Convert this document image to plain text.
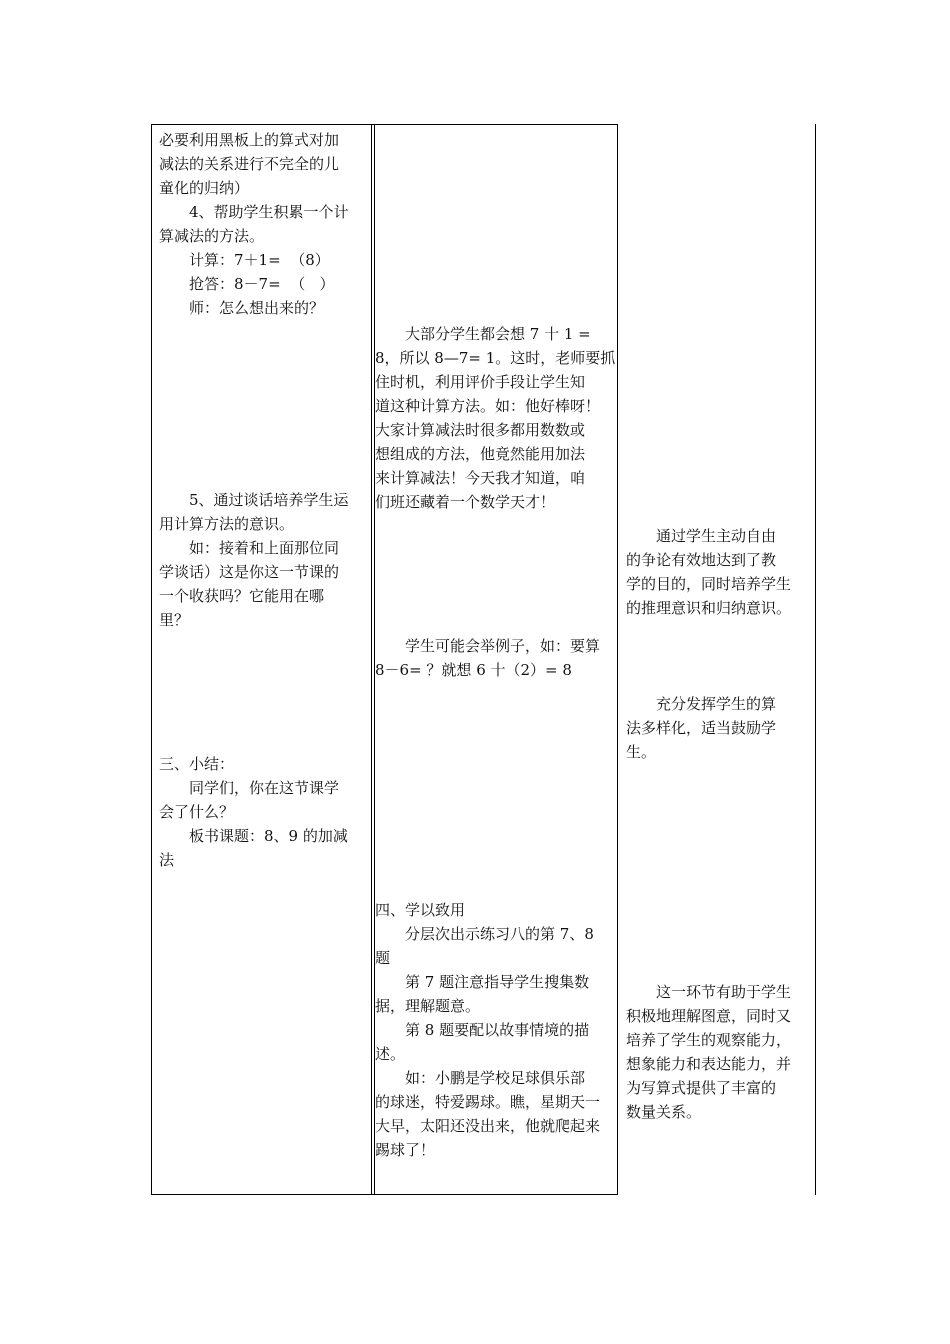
必要利用黑板上的算式对加

减法的关系进行不完全的儿

童化的归纳）

4、帮助学生积累一个计

算减法的方法。

计算：7＋1=  （8）

抢答：8－7=  （   ）

师：怎么想出来的？

5、通过谈话培养学生运

用计算方法的意识。

如：接着和上面那位同

学谈话）这是你这一节课的

一个收获吗？它能用在哪

里？

三、小结：

同学们，你在这节课学

会了什么？

板书课题：8、9 的加减

法

大部分学生都会想 7 十 1 =

8，所以 8—7= 1。这时，老师要抓

住时机，利用评价手段让学生知

道这种计算方法。如：他好棒呀！

大家计算减法时很多都用数数或

想组成的方法，他竟然能用加法

来计算减法！今天我才知道，咱

们班还藏着一个数学天才！

学生可能会举例子，如：要算

8－6= ？就想 6 十（2）= 8

四、学以致用

分层次出示练习八的第 7、8

题

第 7 题注意指导学生搜集数

据，理解题意。

第 8 题要配以故事情境的描

述。

如：小鹏是学校足球俱乐部

的球迷，特爱踢球。瞧，星期天一

大早，太阳还没出来，他就爬起来

踢球了！

通过学生主动自由

的争论有效地达到了教

学的目的，同时培养学生

的推理意识和归纳意识。

充分发挥学生的算

法多样化，适当鼓励学

生。

这一环节有助于学生

积极地理解图意，同时又

培养了学生的观察能力，

想象能力和表达能力，并

为写算式提供了丰富的

数量关系。
